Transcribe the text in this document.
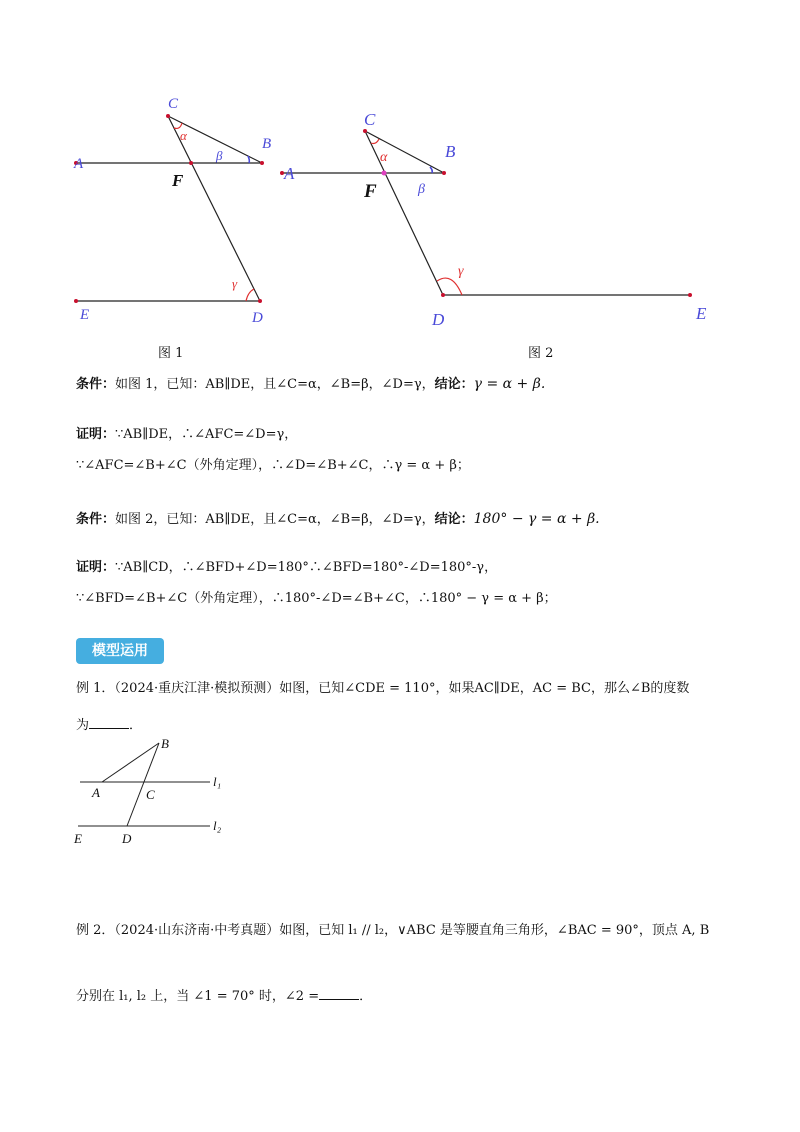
C
B
A
F
E	D
α
β
γ
图 1
C
B
A
F
E
D
α
β
γ
图 2
条件：如图 1，已知：AB∥DE，且∠C=α，∠B=β，∠D=γ，结论：γ = α + β.
证明：∵AB∥DE，∴∠AFC=∠D=γ，
∵∠AFC=∠B+∠C（外角定理），∴∠D=∠B+∠C，∴γ = α + β；
条件：如图 2，已知：AB∥DE，且∠C=α，∠B=β，∠D=γ，结论：180° − γ = α + β.
证明：∵AB∥CD，∴∠BFD+∠D=180°∴∠BFD=180°-∠D=180°-γ，
∵∠BFD=∠B+∠C（外角定理），∴180°-∠D=∠B+∠C，∴180° − γ = α + β；
模型运用
例 1．（2024·重庆江津·模拟预测）如图，已知∠CDE = 110°，如果AC∥DE，AC = BC，那么∠B的度数
为	．
B
A	C
E	D
l₁
l₂
例 2．（2024·山东济南·中考真题）如图，已知 l₁ // l₂，∨ABC 是等腰直角三角形，∠BAC = 90°，顶点 A, B
分别在 l₁, l₂ 上，当 ∠1 = 70° 时，∠2 =	．
